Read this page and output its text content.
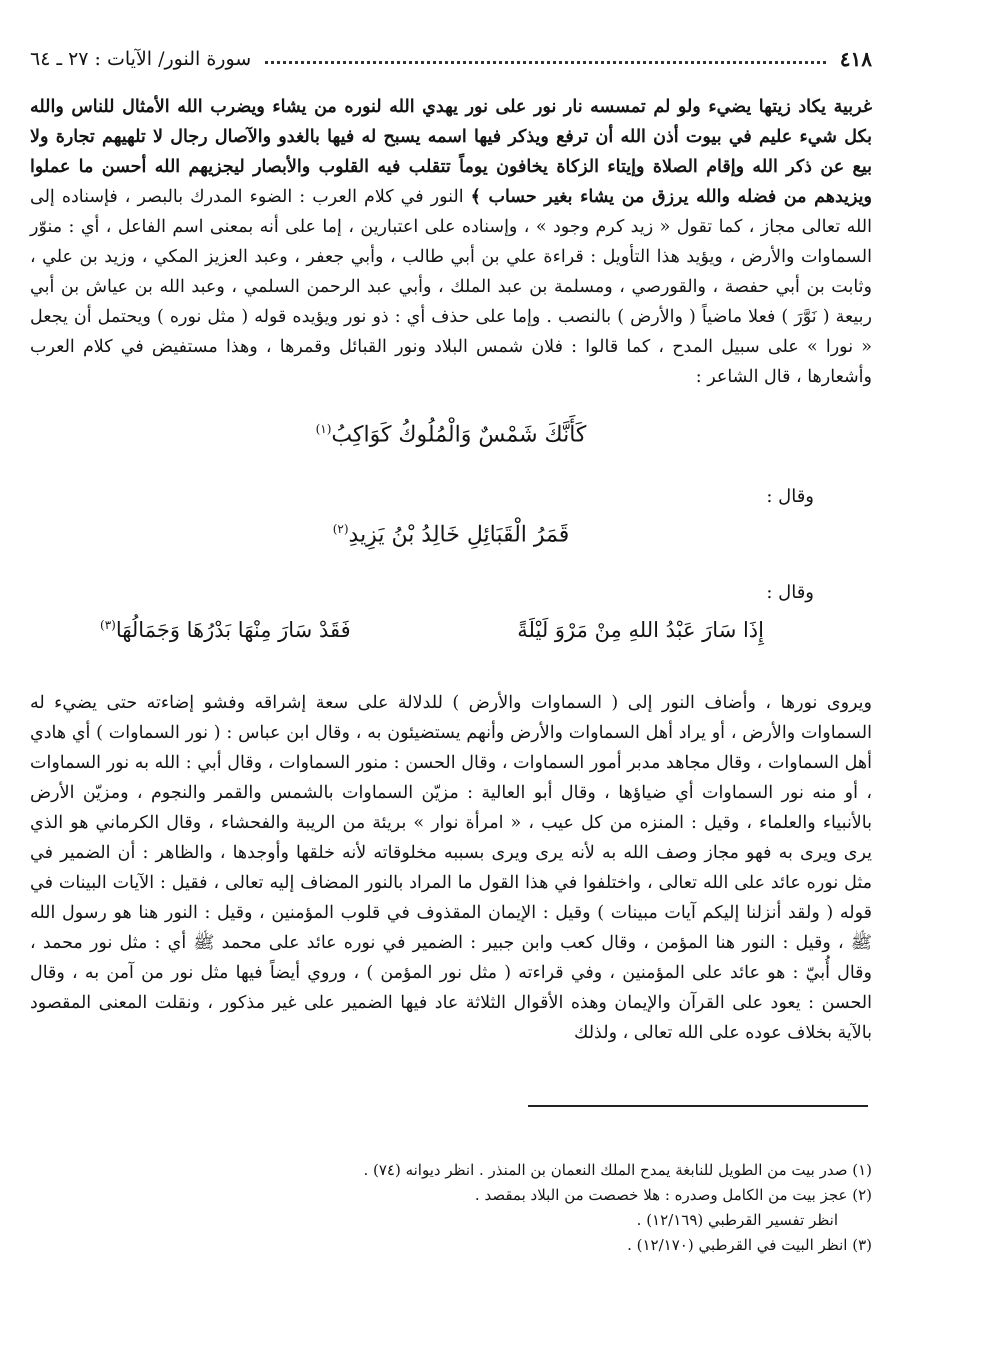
٤١٨
سورة النور/ الآيات : ٢٧ ـ ٦٤

غربية يكاد زيتها يضيء ولو لم تمسسه نار نور على نور يهدي الله لنوره من يشاء ويضرب الله الأمثال للناس والله بكل شيء عليم في بيوت أذن الله أن ترفع ويذكر فيها اسمه يسبح له فيها بالغدو والآصال رجال لا تلهيهم تجارة ولا بيع عن ذكر الله وإقام الصلاة وإيتاء الزكاة يخافون يوماً تتقلب فيه القلوب والأبصار ليجزيهم الله أحسن ما عملوا ويزيدهم من فضله والله يرزق من يشاء بغير حساب ﴾ النور في كلام العرب : الضوء المدرك بالبصر ، فإسناده إلى الله تعالى مجاز ، كما تقول « زيد كرم وجود » ، وإسناده على اعتبارين ، إما على أنه بمعنى اسم الفاعل ، أي : منوّر السماوات والأرض ، ويؤيد هذا التأويل : قراءة علي بن أبي طالب ، وأبي جعفر ، وعبد العزيز المكي ، وزيد بن علي ، وثابت بن أبي حفصة ، والقورصي ، ومسلمة بن عبد الملك ، وأبي عبد الرحمن السلمي ، وعبد الله بن عياش بن أبي ربيعة ( نَوَّرَ ) فعلا ماضياً ( والأرض ) بالنصب . وإما على حذف أي : ذو نور ويؤيده قوله ( مثل نوره ) ويحتمل أن يجعل « نورا » على سبيل المدح ، كما قالوا : فلان شمس البلاد ونور القبائل وقمرها ، وهذا مستفيض في كلام العرب وأشعارها ، قال الشاعر :

كَأَنَّكَ شَمْسٌ وَالْمُلُوكُ كَوَاكِبُ$^{(١)}$
وقال :
قَمَرُ الْقَبَائِلِ خَالِدُ بْنُ يَزِيدِ$^{(٢)}$
وقال :
إِذَا سَارَ عَبْدُ اللهِ مِنْ مَرْوَ لَيْلَةً
فَقَدْ سَارَ مِنْهَا بَدْرُهَا وَجَمَالُهَا$^{(٣)}$

ويروى نورها ، وأضاف النور إلى ( السماوات والأرض ) للدلالة على سعة إشراقه وفشو إضاءته حتى يضيء له السماوات والأرض ، أو يراد أهل السماوات والأرض وأنهم يستضيئون به ، وقال ابن عباس : ( نور السماوات ) أي هادي أهل السماوات ، وقال مجاهد مدبر أمور السماوات ، وقال الحسن : منور السماوات ، وقال أبي : الله به نور السماوات ، أو منه نور السماوات أي ضياؤها ، وقال أبو العالية : مزيّن السماوات بالشمس والقمر والنجوم ، ومزيّن الأرض بالأنبياء والعلماء ، وقيل : المنزه من كل عيب ، « امرأة نوار » بريئة من الريبة والفحشاء ، وقال الكرماني هو الذي يرى ويرى به فهو مجاز وصف الله به لأنه يرى ويرى بسببه مخلوقاته لأنه خلقها وأوجدها ، والظاهر : أن الضمير في مثل نوره عائد على الله تعالى ، واختلفوا في هذا القول ما المراد بالنور المضاف إليه تعالى ، فقيل : الآيات البينات في قوله ( ولقد أنزلنا إليكم آيات مبينات ) وقيل : الإيمان المقذوف في قلوب المؤمنين ، وقيل : النور هنا هو رسول الله ﷺ ، وقيل : النور هنا المؤمن ، وقال كعب وابن جبير : الضمير في نوره عائد على محمد ﷺ أي : مثل نور محمد ، وقال أُبيّ : هو عائد على المؤمنين ، وفي قراءته ( مثل نور المؤمن ) ، وروي أيضاً فيها مثل نور من آمن به ، وقال الحسن : يعود على القرآن والإيمان وهذه الأقوال الثلاثة عاد فيها الضمير على غير مذكور ، ونقلت المعنى المقصود بالآية بخلاف عوده على الله تعالى ، ولذلك

(١) صدر بيت من الطويل للنابغة يمدح الملك النعمان بن المنذر . انظر ديوانه (٧٤) .
(٢) عجز بيت من الكامل وصدره : هلا خصصت من البلاد بمقصد .
انظر تفسير القرطبي (١٢/١٦٩) .
(٣) انظر البيت في القرطبي (١٢/١٧٠) .
